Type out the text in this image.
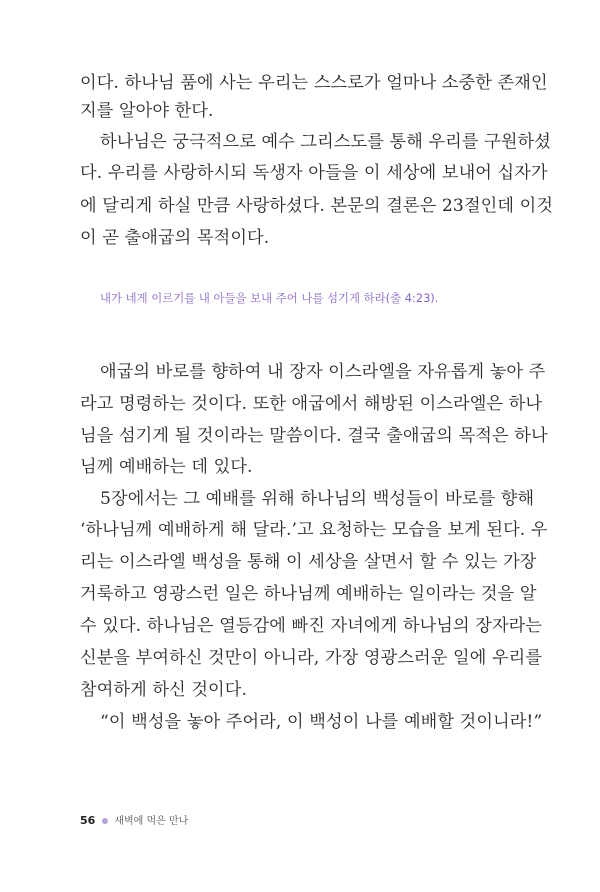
이다. 하나님 품에 사는 우리는 스스로가 얼마나 소중한 존재인
지를 알아야 한다.
하나님은 궁극적으로 예수 그리스도를 통해 우리를 구원하셨
다. 우리를 사랑하시되 독생자 아들을 이 세상에 보내어 십자가
에 달리게 하실 만큼 사랑하셨다. 본문의 결론은 23절인데 이것
이 곧 출애굽의 목적이다.
내가 네게 이르기를 내 아들을 보내 주어 나를 섬기게 하라(출 4:23).
애굽의 바로를 향하여 내 장자 이스라엘을 자유롭게 놓아 주
라고 명령하는 것이다. 또한 애굽에서 해방된 이스라엘은 하나
님을 섬기게 될 것이라는 말씀이다. 결국 출애굽의 목적은 하나
님께 예배하는 데 있다.
5장에서는 그 예배를 위해 하나님의 백성들이 바로를 향해
‘하나님께 예배하게 해 달라.’고 요청하는 모습을 보게 된다. 우
리는 이스라엘 백성을 통해 이 세상을 살면서 할 수 있는 가장
거룩하고 영광스런 일은 하나님께 예배하는 일이라는 것을 알
수 있다. 하나님은 열등감에 빠진 자녀에게 하나님의 장자라는
신분을 부여하신 것만이 아니라, 가장 영광스러운 일에 우리를
참여하게 하신 것이다.
“이 백성을 놓아 주어라, 이 백성이 나를 예배할 것이니라!”
56 새벽에 먹은 만나
